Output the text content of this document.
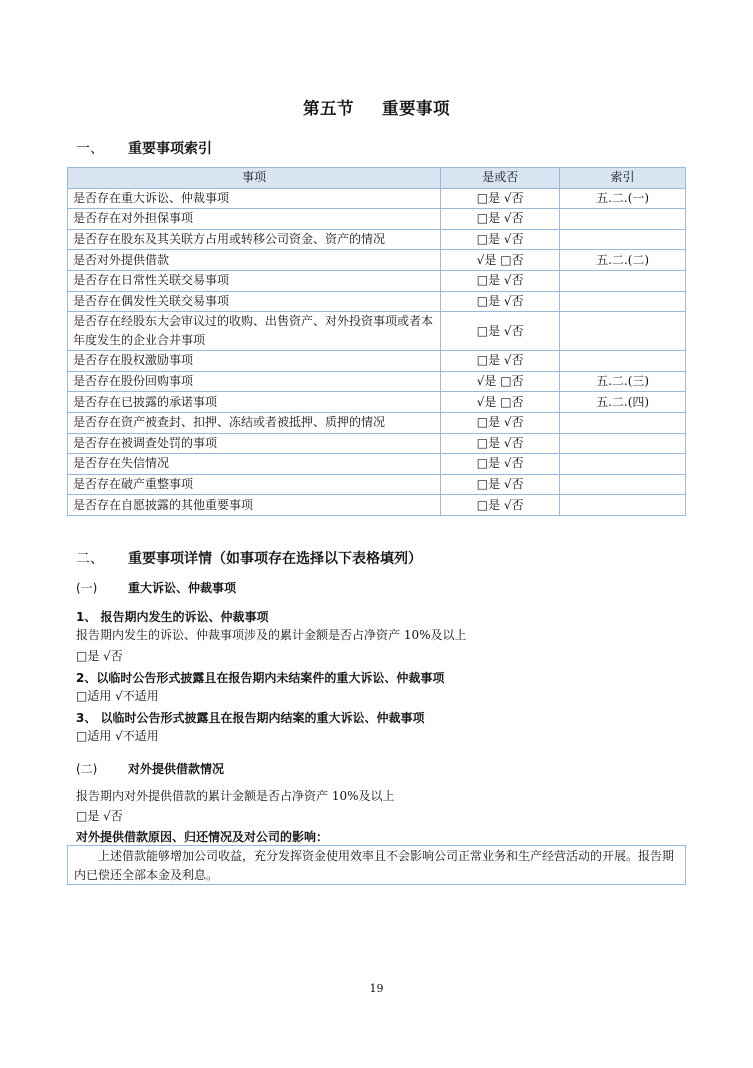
第五节 重要事项
一、 重要事项索引
事项	是或否	索引
是否存在重大诉讼、仲裁事项	□是 √否	五.二.(一)
是否存在对外担保事项	□是 √否	
是否存在股东及其关联方占用或转移公司资金、资产的情况	□是 √否	
是否对外提供借款	√是 □否	五.二.(二)
是否存在日常性关联交易事项	□是 √否	
是否存在偶发性关联交易事项	□是 √否	
是否存在经股东大会审议过的收购、出售资产、对外投资事项或者本年度发生的企业合并事项	□是 √否	
是否存在股权激励事项	□是 √否	
是否存在股份回购事项	√是 □否	五.二.(三)
是否存在已披露的承诺事项	√是 □否	五.二.(四)
是否存在资产被查封、扣押、冻结或者被抵押、质押的情况	□是 √否	
是否存在被调查处罚的事项	□是 √否	
是否存在失信情况	□是 √否	
是否存在破产重整事项	□是 √否	
是否存在自愿披露的其他重要事项	□是 √否	
二、 重要事项详情（如事项存在选择以下表格填列）
(一)	重大诉讼、仲裁事项
1、 报告期内发生的诉讼、仲裁事项
报告期内发生的诉讼、仲裁事项涉及的累计金额是否占净资产 10%及以上
□是 √否
2、以临时公告形式披露且在报告期内未结案件的重大诉讼、仲裁事项
□适用 √不适用
3、 以临时公告形式披露且在报告期内结案的重大诉讼、仲裁事项
□适用 √不适用
(二)	对外提供借款情况
报告期内对外提供借款的累计金额是否占净资产 10%及以上
□是 √否
对外提供借款原因、归还情况及对公司的影响：
上述借款能够增加公司收益，充分发挥资金使用效率且不会影响公司正常业务和生产经营活动的开展。报告期内已偿还全部本金及利息。
19
